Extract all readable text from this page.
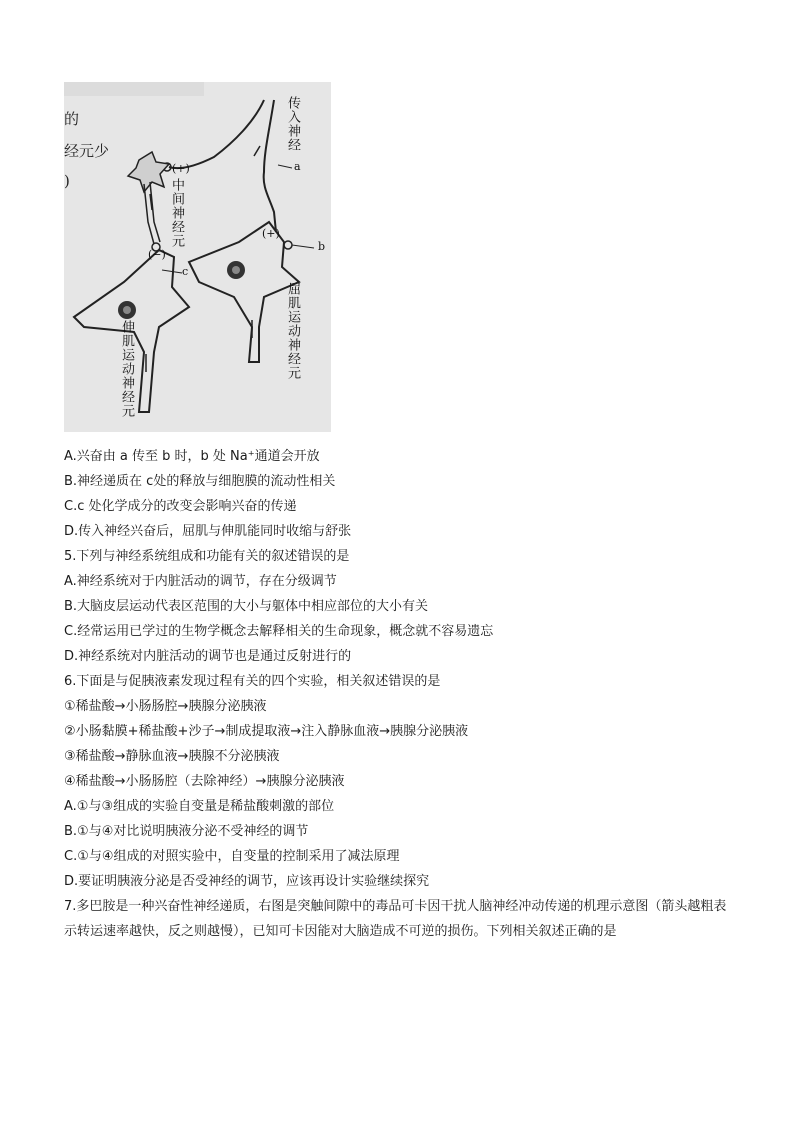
的
经元少
)
传入神经
a
中间神经元
(+)
(+)
(−)
b
c
屈肌运动神经元
伸肌运动神经元
A.兴奋由 a 传至 b 时，b 处 Na⁺通道会开放
B.神经递质在 c处的释放与细胞膜的流动性相关
C.c 处化学成分的改变会影响兴奋的传递
D.传入神经兴奋后，屈肌与伸肌能同时收缩与舒张
5.下列与神经系统组成和功能有关的叙述错误的是
A.神经系统对于内脏活动的调节，存在分级调节
B.大脑皮层运动代表区范围的大小与躯体中相应部位的大小有关
C.经常运用已学过的生物学概念去解释相关的生命现象，概念就不容易遗忘
D.神经系统对内脏活动的调节也是通过反射进行的
6.下面是与促胰液素发现过程有关的四个实验，相关叙述错误的是
①稀盐酸→小肠肠腔→胰腺分泌胰液
②小肠黏膜+稀盐酸+沙子→制成提取液→注入静脉血液→胰腺分泌胰液
③稀盐酸→静脉血液→胰腺不分泌胰液
④稀盐酸→小肠肠腔（去除神经）→胰腺分泌胰液
A.①与③组成的实验自变量是稀盐酸刺激的部位
B.①与④对比说明胰液分泌不受神经的调节
C.①与④组成的对照实验中，自变量的控制采用了减法原理
D.要证明胰液分泌是否受神经的调节，应该再设计实验继续探究
7.多巴胺是一种兴奋性神经递质，右图是突触间隙中的毒品可卡因干扰人脑神经冲动传递的机理示意图（箭头越粗表示转运速率越快，反之则越慢），已知可卡因能对大脑造成不可逆的损伤。下列相关叙述正确的是
